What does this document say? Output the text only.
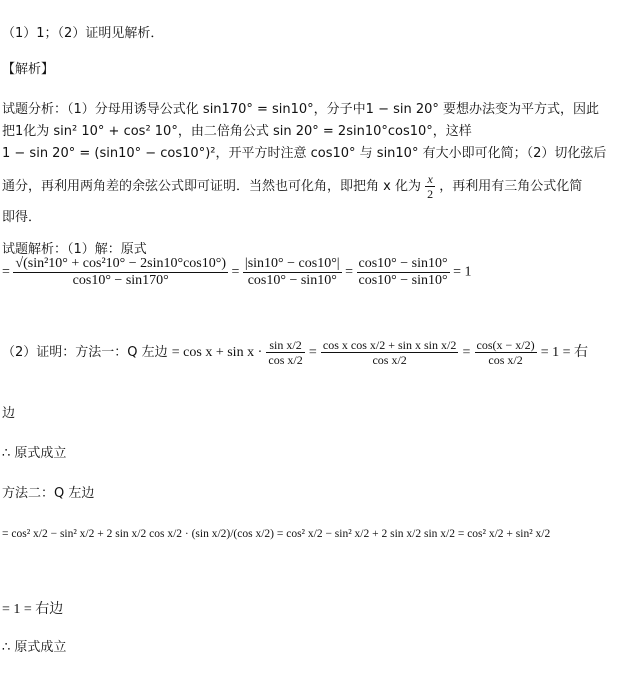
（1）1；（2）证明见解析．
【解析】
试题分析：（1）分母用诱导公式化 sin170° = sin10°，分子中1 − sin 20° 要想办法变为平方式，因此
把1化为 sin² 10° + cos² 10°，由二倍角公式 sin 20° = 2sin10°cos10°，这样
1 − sin 20° = (sin10° − cos10°)²，开平方时注意 cos10° 与 sin10° 有大小即可化简；（2）切化弦后
通分，再利用两角差的余弦公式即可证明．当然也可化角，即把角 x 化为 $\frac{x}{2}$ ，再利用有三角公式化简
即得．
试题解析：（1）解：原式
= $\frac{\text{√(sin²10° + cos²10° − 2sin10°cos10°)}}{\cos 10^\circ - \sin 170^\circ} = \frac{|\sin 10^\circ - \cos 10^\circ|}{\cos 10^\circ - \sin 10^\circ} = \frac{\cos 10^\circ - \sin 10^\circ}{\cos 10^\circ - \sin 10^\circ} = 1$
（2）证明：方法一：Q 左边 = $\cos x + \sin x \cdot \frac{\text{sin x/2}}{\text{cos x/2}} = \frac{\text{cos x cos x/2 + sin x sin x/2}}{\text{cos x/2}} = \frac{\cos(x - x/2)}{\text{cos x/2}} = 1$ = 右
边
∴ 原式成立
方法二：Q 左边
= cos² x/2 − sin² x/2 + 2 sin x/2 cos x/2 · (sin x/2)/(cos x/2) = cos² x/2 − sin² x/2 + 2 sin x/2 sin x/2 = cos² x/2 + sin² x/2
= 1 = 右边
∴ 原式成立
